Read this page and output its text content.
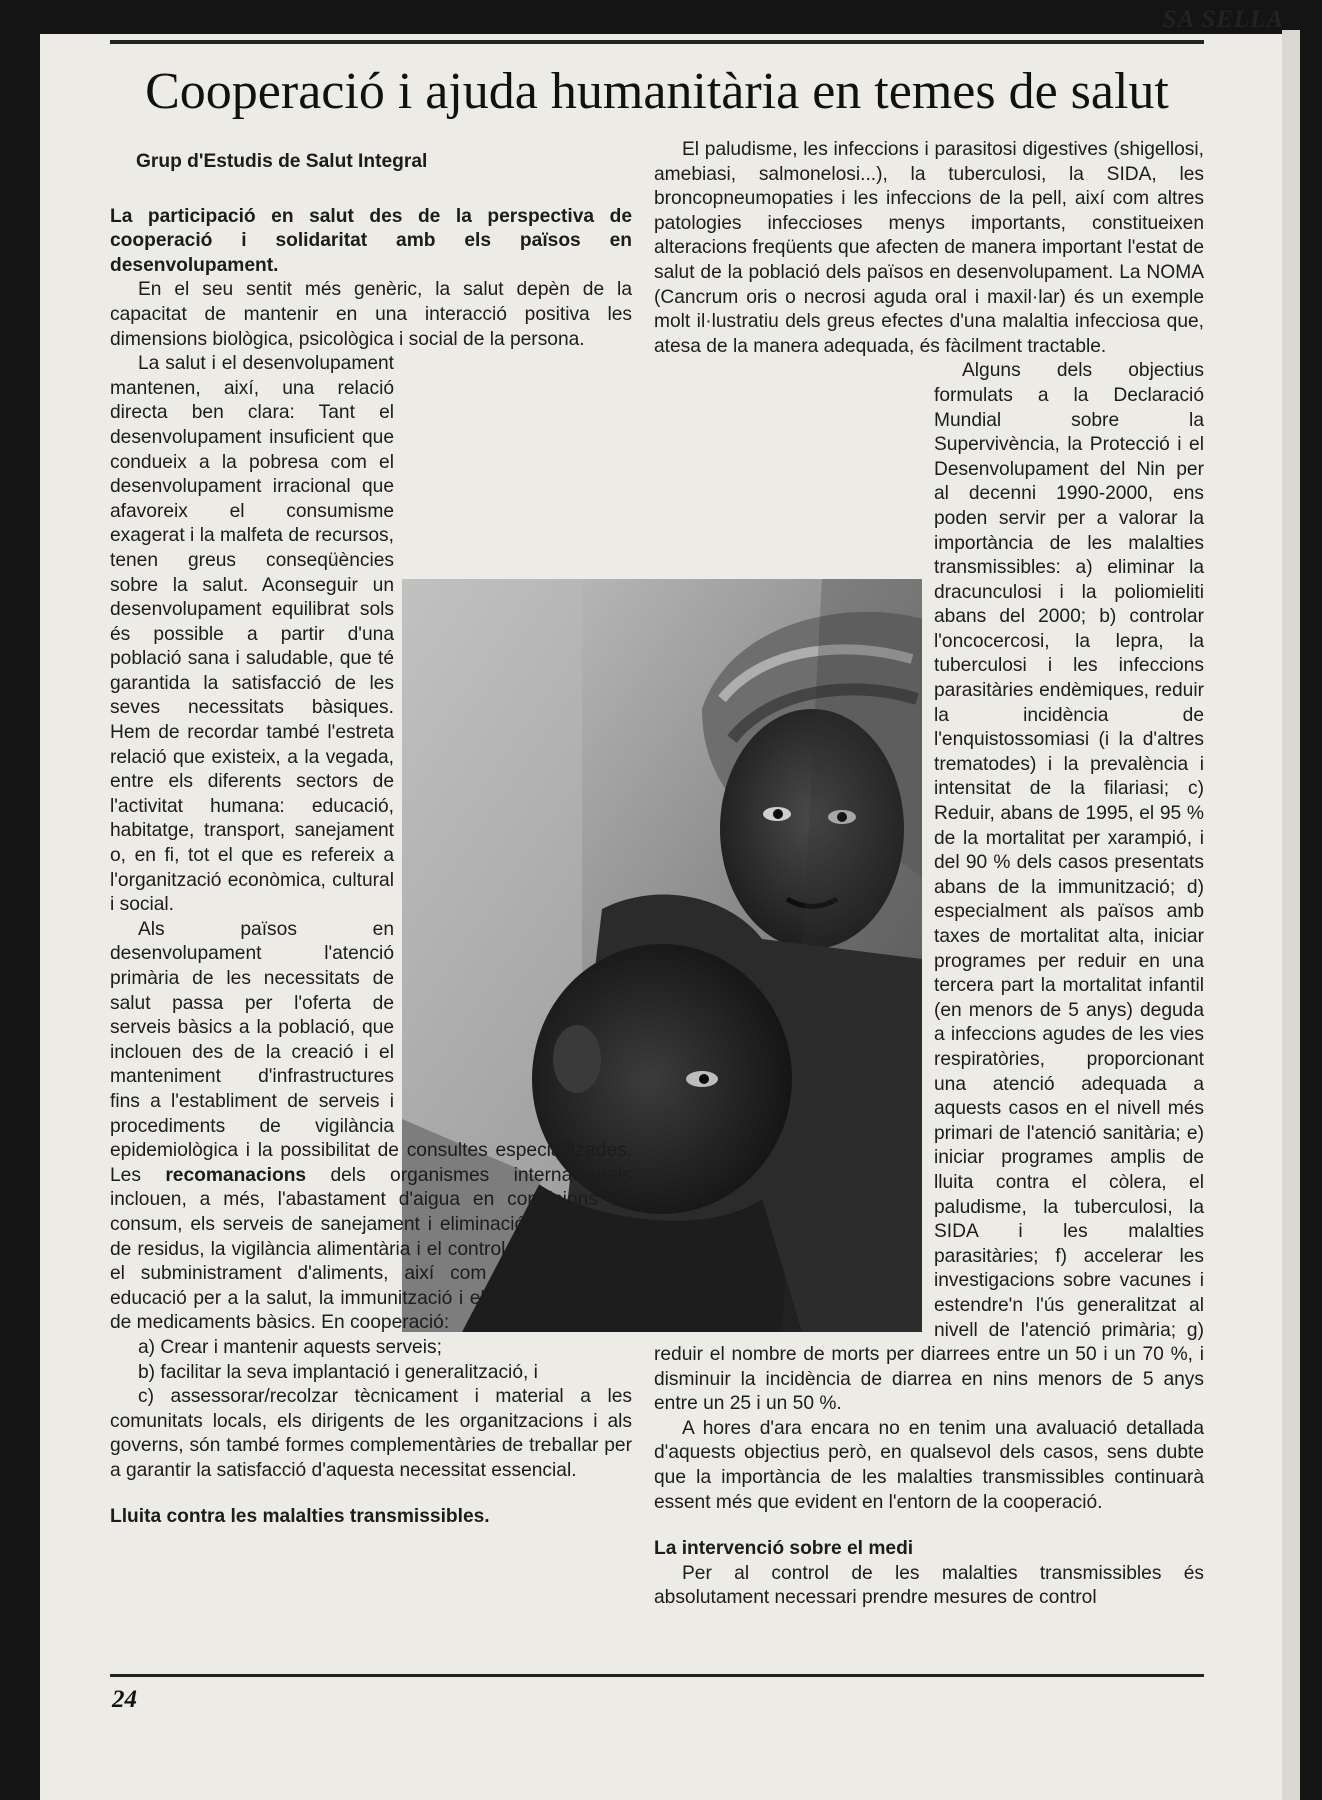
SA SELLA
Cooperació i ajuda humanitària en temes de salut

Grup d'Estudis de Salut Integral

La participació en salut des de la perspectiva de cooperació i solidaritat amb els països en desenvolupament.

En el seu sentit més genèric, la salut depèn de la capacitat de mantenir en una interacció positiva les dimensions biològica, psicològica i social de la persona.

La salut i el desenvolupament mantenen, així, una relació directa ben clara: Tant el desenvolupament insuficient que condueix a la pobresa com el desenvolupament irracional que afavoreix el consumisme exagerat i la malfeta de recursos, tenen greus conseqüències sobre la salut. Aconseguir un desenvolupament equilibrat sols és possible a partir d'una població sana i saludable, que té garantida la satisfacció de les seves necessitats bàsiques. Hem de recordar també l'estreta relació que existeix, a la vegada, entre els diferents sectors de l'activitat humana: educació, habitatge, transport, sanejament o, en fi, tot el que es refereix a l'organització econòmica, cultural i social.

Als països en desenvolupament l'atenció primària de les necessitats de salut passa per l'oferta de serveis bàsics a la població, que inclouen des de la creació i el manteniment d'infrastructures fins a l'establiment de serveis i procediments de vigilància epidemiològica i la possibilitat de consultes especialitzades. Les recomanacions dels organismes internacionals inclouen, a més, l'abastament d'aigua en condicions de consum, els serveis de sanejament i eliminació d'excretes i de residus, la vigilància alimentària i el control de la qualitat i el subministrament d'aliments, així com la promoció i educació per a la salut, la immunització i el subministrament de medicaments bàsics. En cooperació:

a) Crear i mantenir aquests serveis;

b) facilitar la seva implantació i generalització, i

c) assessorar/recolzar tècnicament i material a les comunitats locals, els dirigents de les organitzacions i als governs, són també formes complementàries de treballar per a garantir la satisfacció d'aquesta necessitat essencial.

Lluita contra les malalties transmissibles.

El paludisme, les infeccions i parasitosi digestives (shigellosi, amebiasi, salmonelosi...), la tuberculosi, la SIDA, les broncopneumopaties i les infeccions de la pell, així com altres patologies infeccioses menys importants, constitueixen alteracions freqüents que afecten de manera important l'estat de salut de la població dels països en desenvolupament. La NOMA (Cancrum oris o necrosi aguda oral i maxil·lar) és un exemple molt il·lustratiu dels greus efectes d'una malaltia infecciosa que, atesa de la manera adequada, és fàcilment tractable.

Alguns dels objectius formulats a la Declaració Mundial sobre la Supervivència, la Protecció i el Desenvolupament del Nin per al decenni 1990-2000, ens poden servir per a valorar la importància de les malalties transmissibles: a) eliminar la dracunculosi i la poliomieliti abans del 2000; b) controlar l'oncocercosi, la lepra, la tuberculosi i les infeccions parasitàries endèmiques, reduir la incidència de l'enquistossomiasi (i la d'altres trematodes) i la prevalència i intensitat de la filariasi; c) Reduir, abans de 1995, el 95 % de la mortalitat per xarampió, i del 90 % dels casos presentats abans de la immunització; d) especialment als països amb taxes de mortalitat alta, iniciar programes per reduir en una tercera part la mortalitat infantil (en menors de 5 anys) deguda a infeccions agudes de les vies respiratòries, proporcionant una atenció adequada a aquests casos en el nivell més primari de l'atenció sanitària; e) iniciar programes amplis de lluita contra el còlera, el paludisme, la tuberculosi, la SIDA i les malalties parasitàries; f) accelerar les investigacions sobre vacunes i estendre'n l'ús generalitzat al nivell de l'atenció primària; g) reduir el nombre de morts per diarrees entre un 50 i un 70 %, i disminuir la incidència de diarrea en nins menors de 5 anys entre un 25 i un 50 %.

A hores d'ara encara no en tenim una avaluació detallada d'aquests objectius però, en qualsevol dels casos, sens dubte que la importància de les malalties transmissibles continuarà essent més que evident en l'entorn de la cooperació.

La intervenció sobre el medi

Per al control de les malalties transmissibles és absolutament necessari prendre mesures de control

24
